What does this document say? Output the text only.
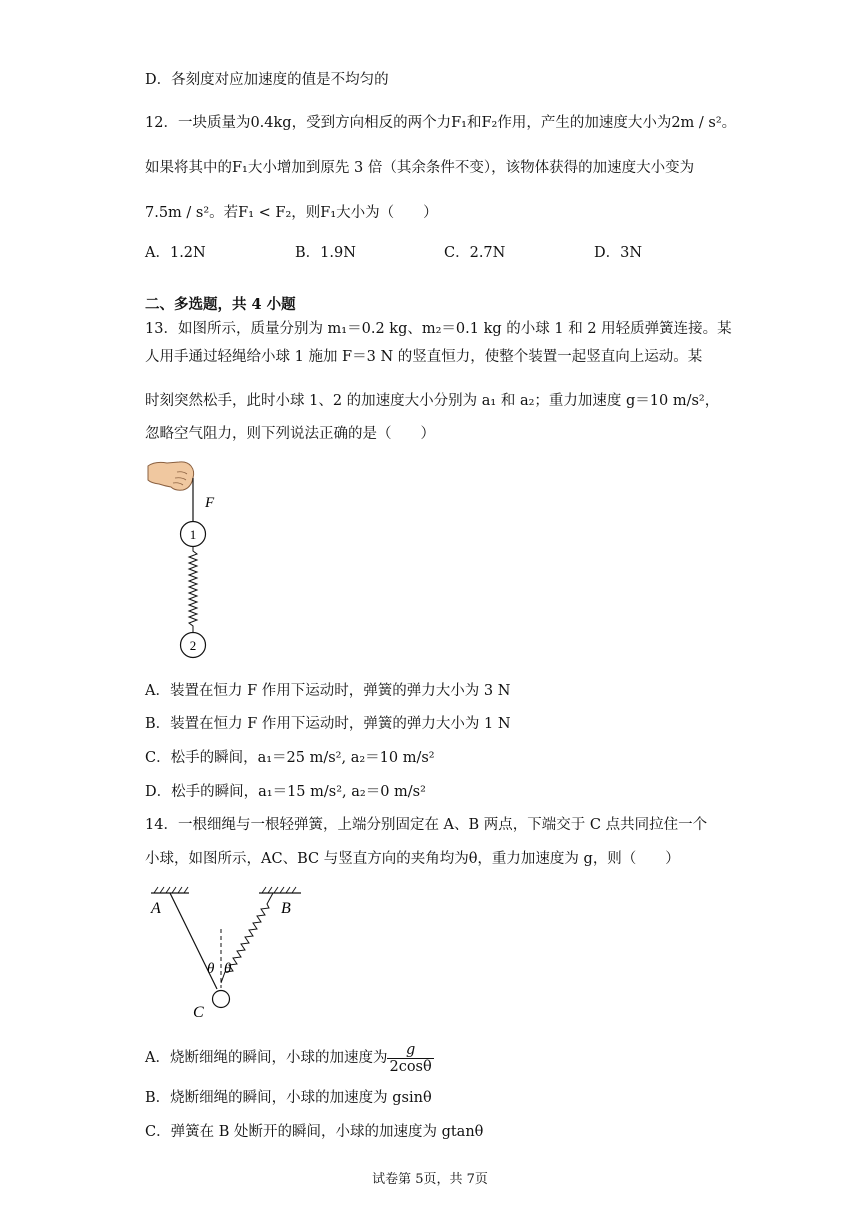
D．各刻度对应加速度的值是不均匀的
12．一块质量为0.4kg，受到方向相反的两个力F₁和F₂作用，产生的加速度大小为2m / s²。
如果将其中的F₁大小增加到原先 3 倍（其余条件不变），该物体获得的加速度大小变为
7.5m / s²。若F₁ < F₂，则F₁大小为（　　）
A．1.2N	B．1.9N	C．2.7N	D．3N
二、多选题，共 4 小题
13．如图所示，质量分别为 m₁＝0.2 kg、m₂＝0.1 kg 的小球 1 和 2 用轻质弹簧连接。某
人用手通过轻绳给小球 1 施加 F＝3 N 的竖直恒力，使整个装置一起竖直向上运动。某
时刻突然松手，此时小球 1、2 的加速度大小分别为 a₁ 和 a₂；重力加速度 g＝10 m/s²，
忽略空气阻力，则下列说法正确的是（　　）
F
1
2
A．装置在恒力 F 作用下运动时，弹簧的弹力大小为 3 N
B．装置在恒力 F 作用下运动时，弹簧的弹力大小为 1 N
C．松手的瞬间，a₁＝25 m/s², a₂＝10 m/s²
D．松手的瞬间，a₁＝15 m/s², a₂＝0 m/s²
14．一根细绳与一根轻弹簧，上端分别固定在 A、B 两点，下端交于 C 点共同拉住一个
小球，如图所示，AC、BC 与竖直方向的夹角均为θ，重力加速度为 g，则（　　）
A	B
θ θ
C
A．烧断细绳的瞬间，小球的加速度为 $\frac{g}{2\cos\theta}$
B．烧断细绳的瞬间，小球的加速度为 gsinθ
C．弹簧在 B 处断开的瞬间，小球的加速度为 gtanθ
试卷第 5页，共 7页
